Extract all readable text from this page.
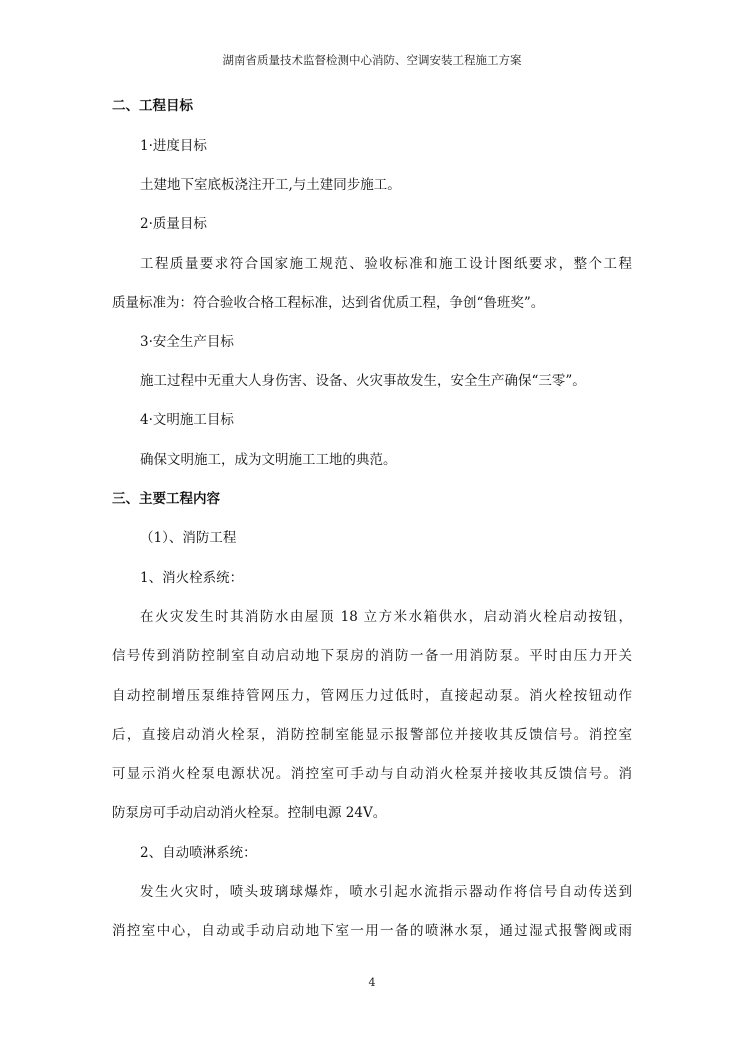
湖南省质量技术监督检测中心消防、空调安装工程施工方案
二、工程目标
1·进度目标
土建地下室底板浇注开工,与土建同步施工。
2·质量目标
工程质量要求符合国家施工规范、验收标准和施工设计图纸要求，整个工程
质量标准为：符合验收合格工程标准，达到省优质工程，争创“鲁班奖”。
3·安全生产目标
施工过程中无重大人身伤害、设备、火灾事故发生，安全生产确保“三零”。
4·文明施工目标
确保文明施工，成为文明施工工地的典范。
三、主要工程内容
（1）、消防工程
1、消火栓系统：
在火灾发生时其消防水由屋顶 18 立方米水箱供水，启动消火栓启动按钮，
信号传到消防控制室自动启动地下泵房的消防一备一用消防泵。平时由压力开关
自动控制增压泵维持管网压力，管网压力过低时，直接起动泵。消火栓按钮动作
后，直接启动消火栓泵，消防控制室能显示报警部位并接收其反馈信号。消控室
可显示消火栓泵电源状况。消控室可手动与自动消火栓泵并接收其反馈信号。消
防泵房可手动启动消火栓泵。控制电源 24V。
2、自动喷淋系统：
发生火灾时，喷头玻璃球爆炸，喷水引起水流指示器动作将信号自动传送到
消控室中心，自动或手动启动地下室一用一备的喷淋水泵，通过湿式报警阀或雨
4
